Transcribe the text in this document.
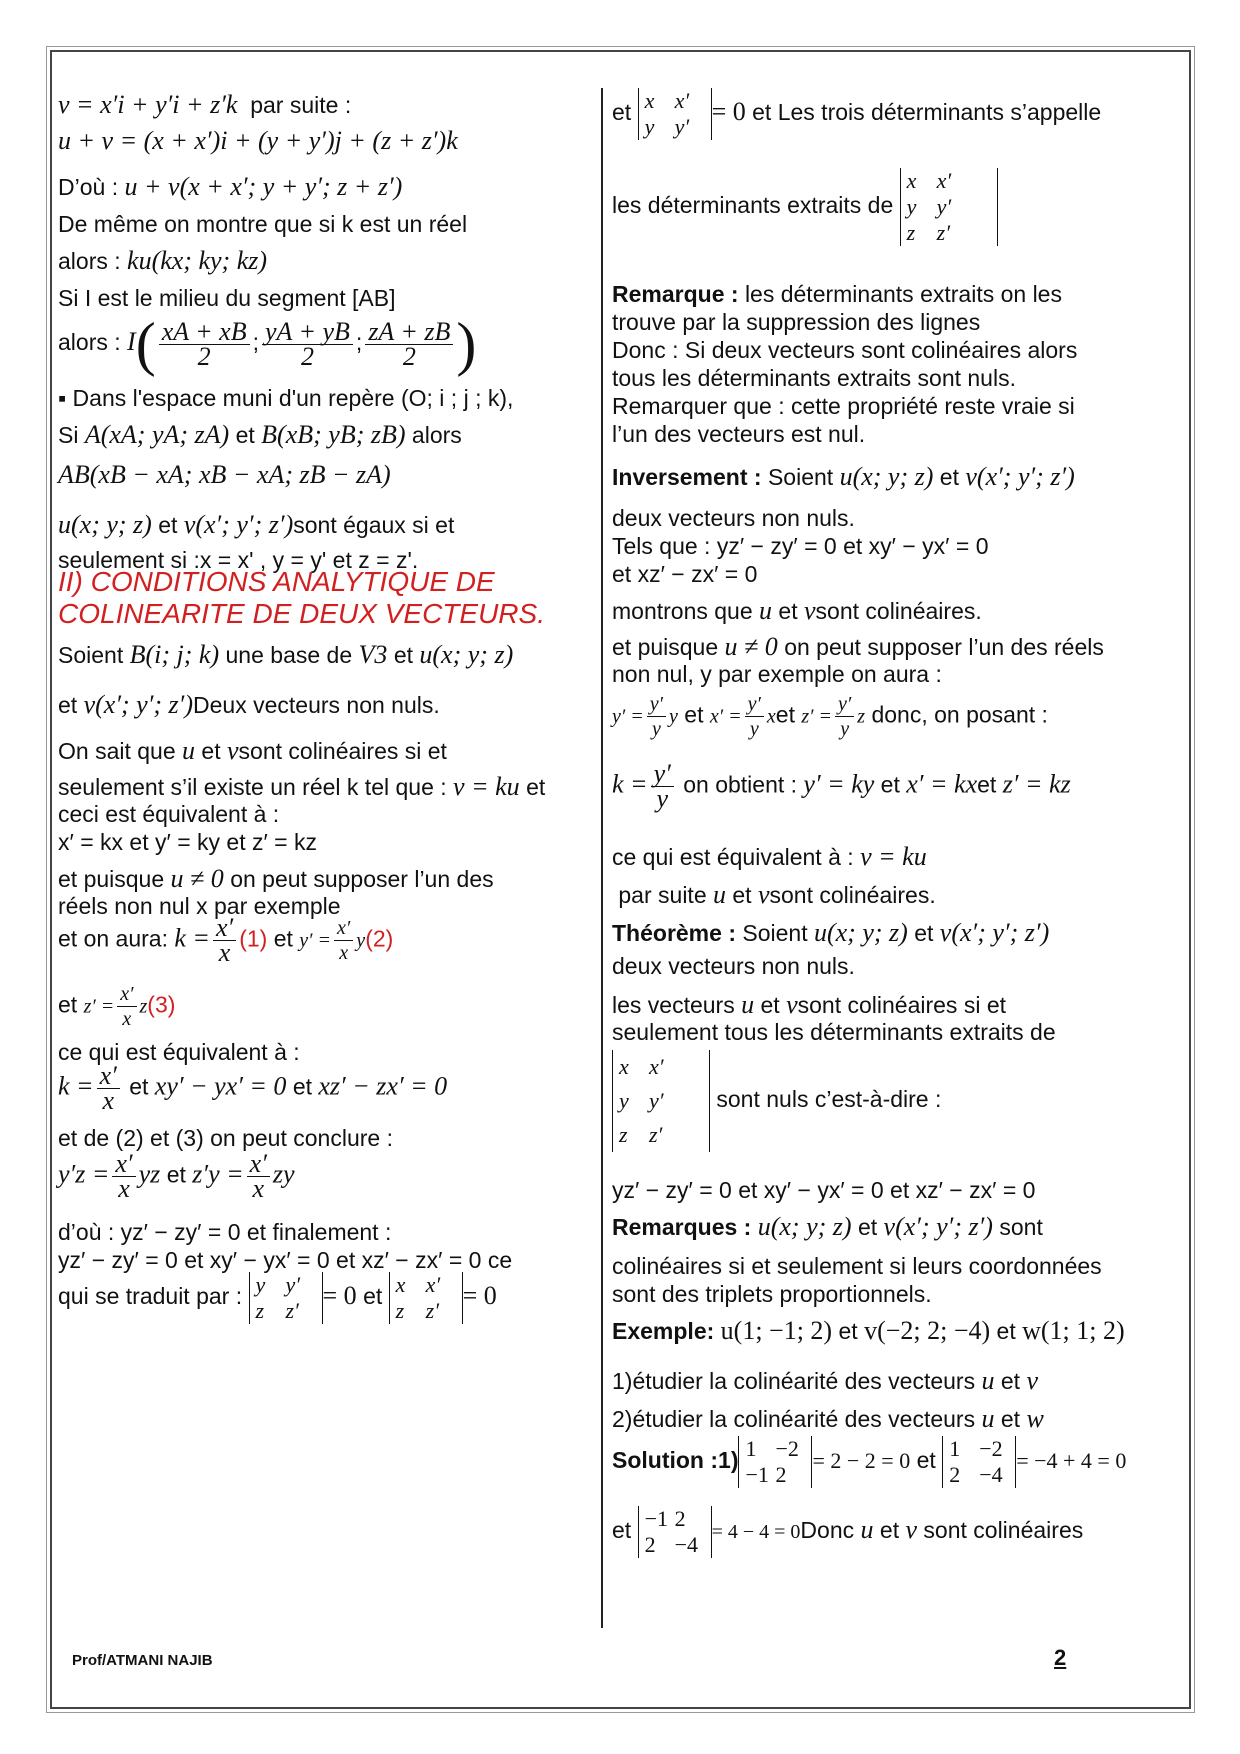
v = x′i + y′i + z′k par suite :
u + v = (x + x′)i + (y + y′)j + (z + z′)k
D’où : u + v(x + x′; y + y′; z + z′)
De même on montre que si k est un réel
alors : ku(kx; ky; kz)
Si I est le milieu du segment [AB]
alors : $I( \frac{xA + xB}{2}$ ; $\frac{yA + yB}{2}$ ; $\frac{zA + zB}{2}$ )
▪ Dans l'espace muni d'un repère (O; i ; j ; k),
Si A(xA; yA; zA) et B(xB; yB; zB) alors
AB(xB − xA; xB − xA; zB − zA)
u(x; y; z) et v(x′; y′; z′)sont égaux si et
seulement si :x = x' , y = y' et z = z'.
II) CONDITIONS ANALYTIQUE DE
COLINEARITE DE DEUX VECTEURS.
Soient B(i; j; k) une base de V3 et u(x; y; z)
et v(x′; y′; z′)Deux vecteurs non nuls.
On sait que u et vsont colinéaires si et
seulement s’il existe un réel k tel que : v = ku et
ceci est équivalent à :
x′ = kx et y′ = ky et z′ = kz
et puisque u ≠ 0 on peut supposer l’un des
réels non nul x par exemple
et on aura: $k = \frac{x'}{x} (1)$ et $y' = \frac{x'}{x} y(2)$
et $z' = \frac{x'}{x} z(3)$
ce qui est équivalent à :
$k = \frac{x'}{x}$ et xy′ − yx′ = 0 et xz′ − zx′ = 0
et de (2) et (3) on peut conclure :
$y'z = \frac{x'}{x}$ yz et $z'y = \frac{x'}{x}$ zy
d’où : yz′ − zy′ = 0 et finalement :
yz′ − zy′ = 0 et xy′ − yx′ = 0 et xz′ − zx′ = 0 ce
qui se traduit par : y y′
z z′= 0 et x x′
z z′= 0
et x x′
y y′= 0 et Les trois déterminants s’appelle
les déterminants extraits de x x′
y y′
z z′
Remarque : les déterminants extraits on les
trouve par la suppression des lignes
Donc : Si deux vecteurs sont colinéaires alors
tous les déterminants extraits sont nuls.
Remarquer que : cette propriété reste vraie si
l’un des vecteurs est nul.
Inversement : Soient u(x; y; z) et v(x′; y′; z′)
deux vecteurs non nuls.
Tels que : yz′ − zy′ = 0 et xy′ − yx′ = 0
et xz′ − zx′ = 0
montrons que u et vsont colinéaires.
et puisque u ≠ 0 on peut supposer l’un des réels
non nul, y par exemple on aura :
$y' = \frac{y'}{y}$ y et $x' = \frac{y'}{y}$ xet $z' = \frac{y'}{y}$ z donc, on posant :
$k = \frac{y'}{y}$ on obtient : y′ = ky et x′ = kxet z′ = kz
ce qui est équivalent à : v = ku
par suite u et vsont colinéaires.
Théorème : Soient u(x; y; z) et v(x′; y′; z′)
deux vecteurs non nuls.
les vecteurs u et vsont colinéaires si et
seulement tous les déterminants extraits de
x x′
y y′
z z′ sont nuls c’est-à-dire :
yz′ − zy′ = 0 et xy′ − yx′ = 0 et xz′ − zx′ = 0
Remarques : u(x; y; z) et v(x′; y′; z′) sont
colinéaires si et seulement si leurs coordonnées
sont des triplets proportionnels.
Exemple: u(1; −1; 2) et v(−2; 2; −4) et w(1; 1; 2)
1)étudier la colinéarité des vecteurs u et v
2)étudier la colinéarité des vecteurs u et w
Solution :1) 1 −2
−1 2= 2 − 2 = 0 et 1 −2
2 −4= −4 + 4 = 0
et −1 2
2 −4 = 4 − 4 = 0Donc u et v sont colinéaires
Prof/ATMANI NAJIB	2
